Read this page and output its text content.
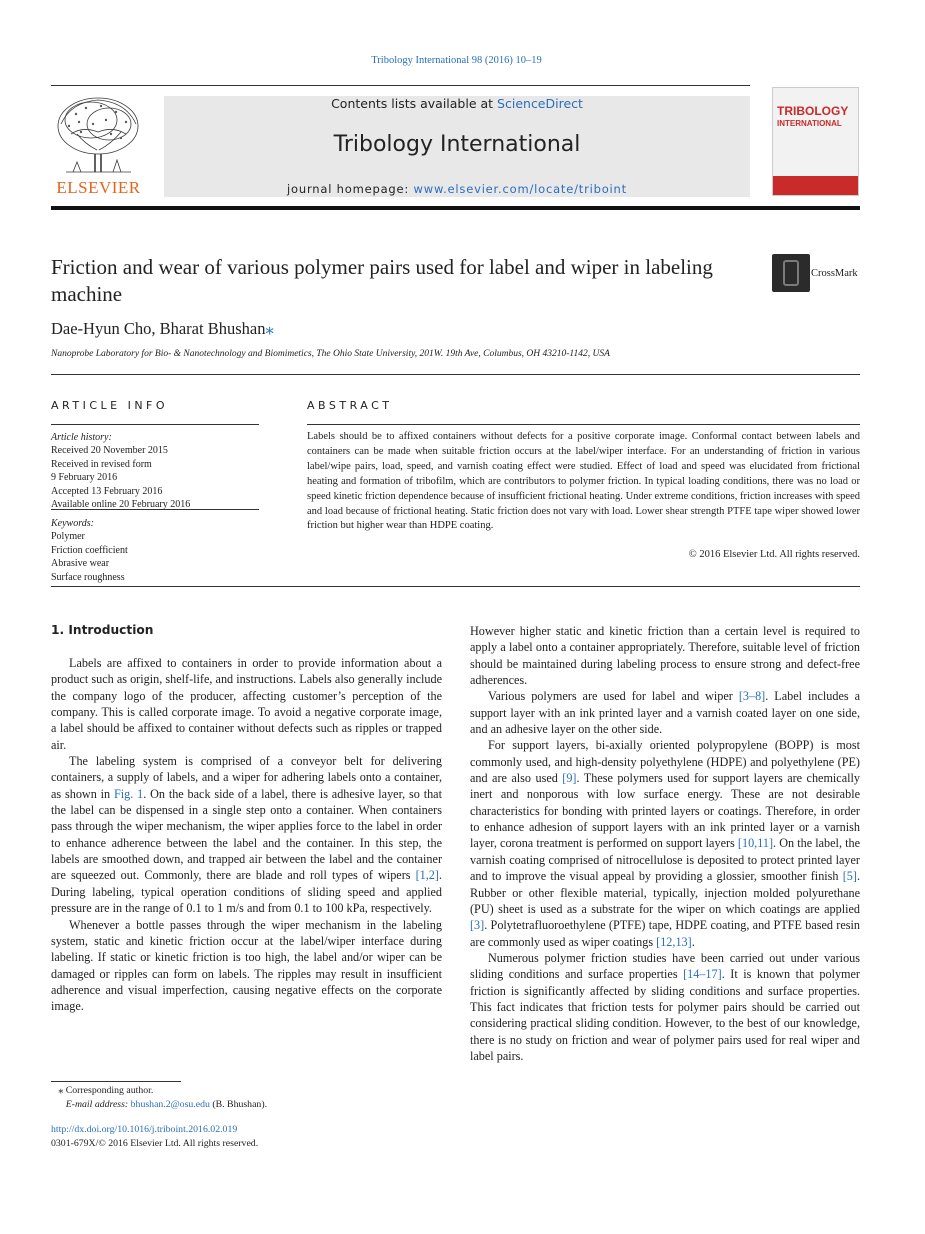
Tribology International 98 (2016) 10–19
ELSEVIER
Contents lists available at ScienceDirect
Tribology International
journal homepage: www.elsevier.com/locate/triboint
TRIBOLOGY
INTERNATIONAL
Friction and wear of various polymer pairs used for label and wiper in labeling machine
CrossMark
Dae-Hyun Cho, Bharat Bhushan⁎
Nanoprobe Laboratory for Bio- & Nanotechnology and Biomimetics, The Ohio State University, 201W. 19th Ave, Columbus, OH 43210-1142, USA
ARTICLE INFO	ABSTRACT
Article history:
Received 20 November 2015
Received in revised form
9 February 2016
Accepted 13 February 2016
Available online 20 February 2016
Keywords:
Polymer
Friction coefficient
Abrasive wear
Surface roughness
Labels should be to affixed containers without defects for a positive corporate image. Conformal contact between labels and containers can be made when suitable friction occurs at the label/wiper interface. For an understanding of friction in various label/wipe pairs, load, speed, and varnish coating effect were studied. Effect of load and speed was elucidated from frictional heating and formation of tribofilm, which are contributors to polymer friction. In typical loading conditions, there was no load or speed kinetic friction dependence because of insufficient frictional heating. Under extreme conditions, friction increases with speed and load because of frictional heating. Static friction does not vary with load. Lower shear strength PTFE tape wiper showed lower friction but higher wear than HDPE coating.
© 2016 Elsevier Ltd. All rights reserved.
1. Introduction

Labels are affixed to containers in order to provide information about a product such as origin, shelf-life, and instructions. Labels also generally include the company logo of the producer, affecting customer’s perception of the company. This is called corporate image. To avoid a negative corporate image, a label should be affixed to container without defects such as ripples or trapped air.

The labeling system is comprised of a conveyor belt for delivering containers, a supply of labels, and a wiper for adhering labels onto a container, as shown in Fig. 1. On the back side of a label, there is adhesive layer, so that the label can be dispensed in a single step onto a container. When containers pass through the wiper mechanism, the wiper applies force to the label in order to enhance adherence between the label and the container. In this step, the labels are smoothed down, and trapped air between the label and the container are squeezed out. Commonly, there are blade and roll types of wipers [1,2]. During labeling, typical operation conditions of sliding speed and applied pressure are in the range of 0.1 to 1 m/s and from 0.1 to 100 kPa, respectively.

Whenever a bottle passes through the wiper mechanism in the labeling system, static and kinetic friction occur at the label/wiper interface during labeling. If static or kinetic friction is too high, the label and/or wiper can be damaged or ripples can form on labels. The ripples may result in insufficient adherence and visual imperfection, causing negative effects on the corporate image.

However higher static and kinetic friction than a certain level is required to apply a label onto a container appropriately. Therefore, suitable level of friction should be maintained during labeling process to ensure strong and defect-free adherences.

Various polymers are used for label and wiper [3–8]. Label includes a support layer with an ink printed layer and a varnish coated layer on one side, and an adhesive layer on the other side.

For support layers, bi-axially oriented polypropylene (BOPP) is most commonly used, and high-density polyethylene (HDPE) and polyethylene (PE) and are also used [9]. These polymers used for support layers are chemically inert and nonporous with low surface energy. These are not desirable characteristics for bonding with printed layers or coatings. Therefore, in order to enhance adhesion of support layers with an ink printed layer or a varnish layer, corona treatment is performed on support layers [10,11]. On the label, the varnish coating comprised of nitrocellulose is deposited to protect printed layer and to improve the visual appeal by providing a glossier, smoother finish [5]. Rubber or other flexible material, typically, injection molded polyurethane (PU) sheet is used as a substrate for the wiper on which coatings are applied [3]. Polytetrafluoroethylene (PTFE) tape, HDPE coating, and PTFE based resin are commonly used as wiper coatings [12,13].

Numerous polymer friction studies have been carried out under various sliding conditions and surface properties [14–17]. It is known that polymer friction is significantly affected by sliding conditions and surface properties. This fact indicates that friction tests for polymer pairs should be carried out considering practical sliding condition. However, to the best of our knowledge, there is no study on friction and wear of polymer pairs used for real wiper and label pairs.

⁎ Corresponding author.
E-mail address: bhushan.2@osu.edu (B. Bhushan).
http://dx.doi.org/10.1016/j.triboint.2016.02.019
0301-679X/© 2016 Elsevier Ltd. All rights reserved.
